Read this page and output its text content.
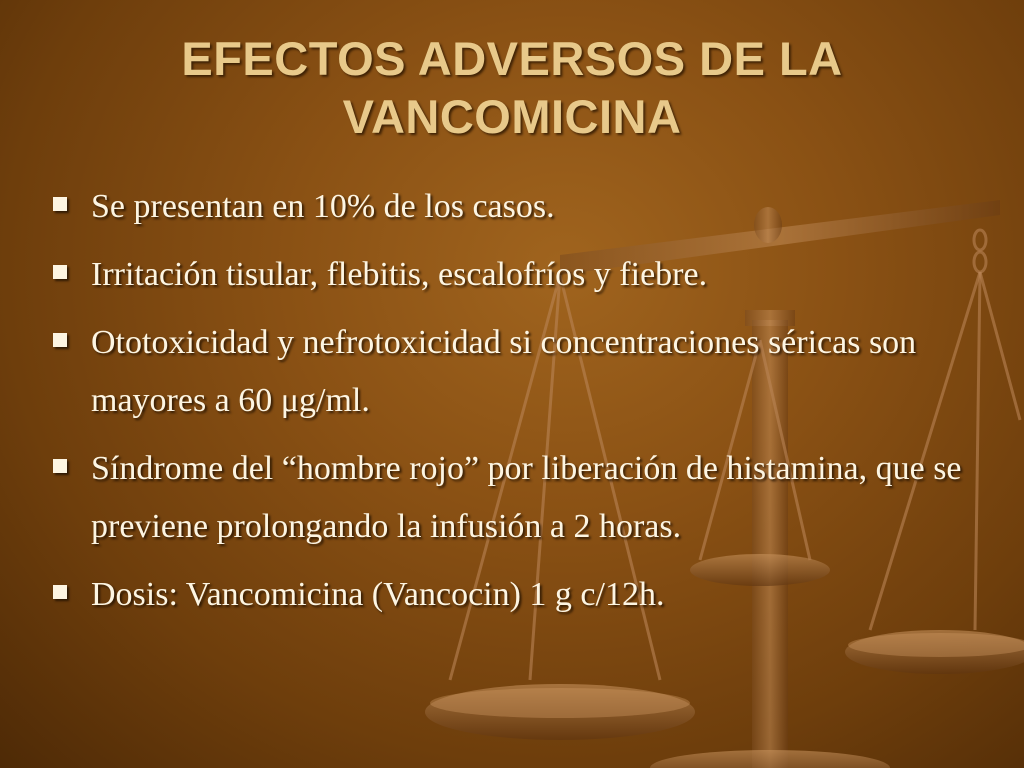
EFECTOS ADVERSOS DE LA VANCOMICINA
Se presentan en 10% de los casos.
Irritación tisular, flebitis, escalofríos y fiebre.
Ototoxicidad y nefrotoxicidad si concentraciones séricas son mayores a 60 μg/ml.
Síndrome del “hombre rojo” por liberación de histamina, que se previene prolongando la infusión a 2 horas.
Dosis: Vancomicina (Vancocin) 1 g c/12h.
